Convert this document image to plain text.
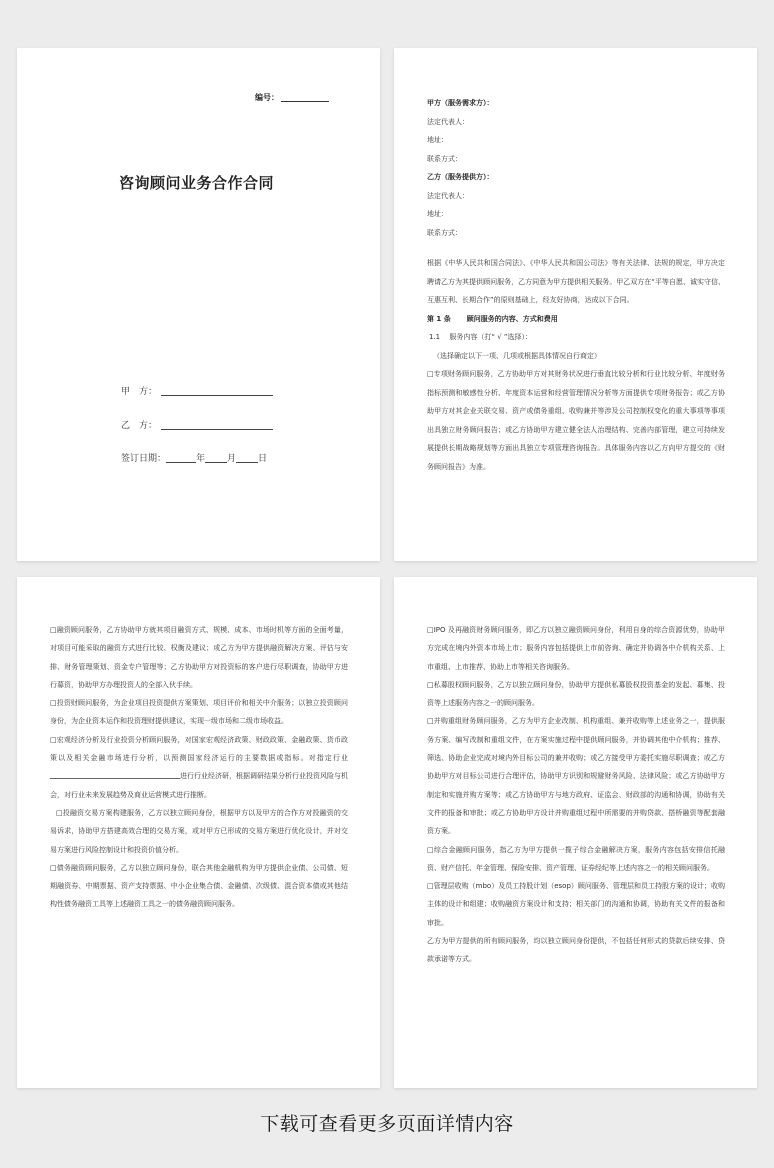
编号：
咨询顾问业务合作合同
甲　方：
乙　方：
签订日期：	年 月 日

甲方（服务需求方）：

法定代表人：

地址：

联系方式：

乙方（服务提供方）：

法定代表人：

地址：

联系方式：

根据《中华人民共和国合同法》、《中华人民共和国公司法》等有关法律、法规的规定，甲方决定聘请乙方为其提供顾问服务，乙方同意为甲方提供相关服务。甲乙双方在“平等自愿、诚实守信、互惠互利、长期合作”的原则基础上，经友好协商，达成以下合同。

第 1 条 顾问服务的内容、方式和费用

1.1　 服务内容（打“ √ ”选择）：

（选择确定以下一项、几项或根据具体情况自行商定）

□专项财务顾问服务，乙方协助甲方对其财务状况进行垂直比较分析和行业比较分析、年度财务指标预测和敏感性分析、年度资本运营和经营管理情况分析等方面提供专项财务报告；或乙方协助甲方对其企业关联交易、资产或债务重组、收购兼并等涉及公司控制权变化的重大事项等事项出具独立财务顾问报告；或乙方协助甲方建立健全法人治理结构、完善内部管理，建立可持续发展提供长期战略规划等方面出具独立专项管理咨询报告。具体服务内容以乙方向甲方提交的《财务顾问报告》为准。

□融资顾问服务，乙方协助甲方就其项目融资方式、规模、成本、市场时机等方面的全面考量，对项目可能采取的融资方式进行比较、权衡及建议；或乙方为甲方提供融资解决方案、评估与安排、财务管理策划、资金专户管理等；乙方协助甲方对投资标的客户进行尽职调查，协助甲方进行募资，协助甲方办理投资人的全部入伙手续。

□投资财顾问服务，为企业项目投资提供方案策划、项目评价和相关中介服务；以独立投资顾问身份，为企业资本运作和投资理财提供建议，实现一级市场和二级市场收益。

□宏观经济分析及行业投资分析顾问服务，对国家宏观经济政策、财政政策、金融政策、货币政策以及相关金融市场进行分析，以预测国家经济运行的主要数据或指标。对指定行业进行行业经济研，根据调研结果分析行业投资风险与机会，对行业未来发展趋势及商业运营模式进行推断。

□投融资交易方案构建服务，乙方以独立顾问身份，根据甲方以及甲方的合作方对投融资的交易诉求，协助甲方搭建高效合理的交易方案，或对甲方已形成的交易方案进行优化设计，并对交易方案进行风险控制设计和投资价值分析。

□债务融资顾问服务，乙方以独立顾问身份，联合其他金融机构为甲方提供企业债、公司债、短期融资券、中期票据、资产支持票据、中小企业集合债、金融债、次级债、混合资本债或其他结构性债务融资工具等上述融资工具之一的债务融资顾问服务。

□IPO 及再融资财务顾问服务，即乙方以独立融资顾问身份，利用自身的综合资源优势，协助甲方完成在境内外资本市场上市；服务内容包括提供上市前咨询、确定并协调各中介机构关系、上市重组、上市推荐、协助上市等相关咨询服务。

□私募股权顾问服务，乙方以独立顾问身份，协助甲方提供私募股权投资基金的发起、募集、投资等上述服务内容之一的顾问服务。

□并购重组财务顾问服务，乙方为甲方企业改制、机构重组、兼并收购等上述业务之一，提供服务方案、编写改制和重组文件，在方案实施过程中提供顾问服务，并协调其他中介机构；推荐、筛选、协助企业完成对境内外目标公司的兼并收购；或乙方接受甲方委托实施尽职调查；或乙方协助甲方对目标公司进行合理评估，协助甲方识别和规避财务风险、法律风险；或乙方协助甲方制定和实施并购方案等；或乙方协助甲方与地方政府、证监会、财政部的沟通和协调，协助有关文件的报备和审批；或乙方协助甲方设计并购重组过程中所需要的并购贷款、搭桥融资等配套融资方案。

□综合金融顾问服务，指乙方为甲方提供一揽子综合金融解决方案，服务内容包括安排信托融资、财产信托、年金管理、保险安排、资产管理、证券经纪等上述内容之一的相关顾问服务。

□管理层收购（mbo）及员工持股计划（esop）顾问服务、管理层和员工持股方案的设计；收购主体的设计和组建；收购融资方案设计和支持；相关部门的沟通和协调，协助有关文件的报备和审批。

乙方为甲方提供的所有顾问服务，均以独立顾问身份提供，不包括任何形式的贷款后续安排、贷款承诺等方式。

下载可查看更多页面详情内容
